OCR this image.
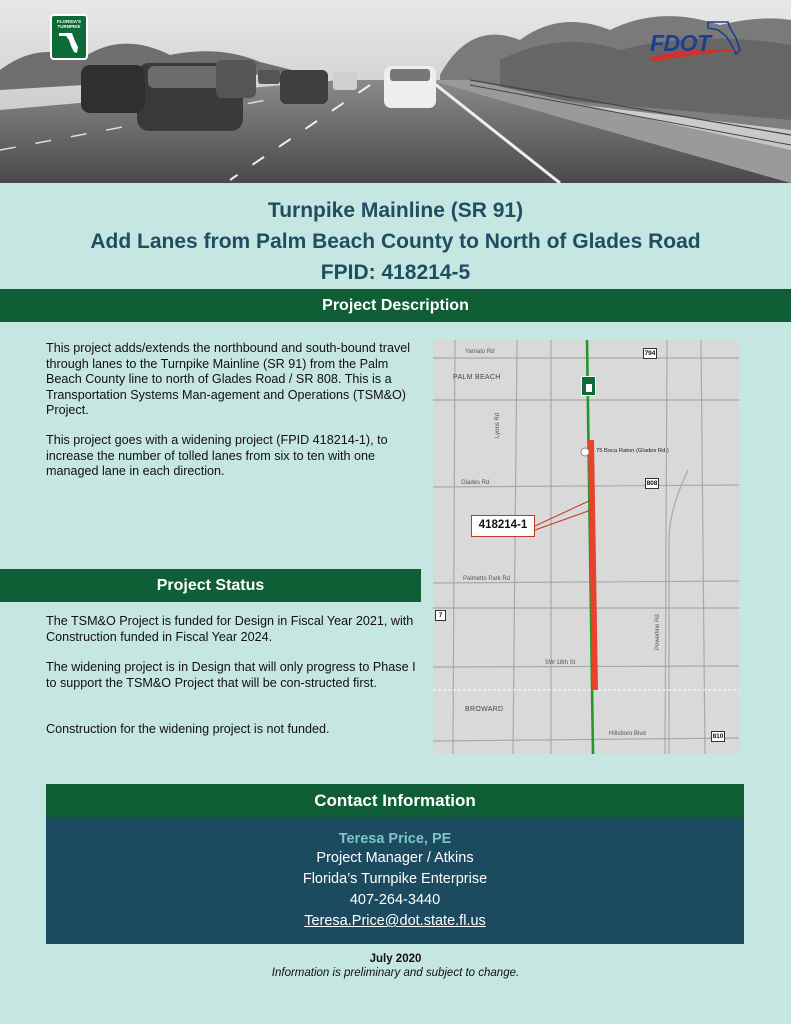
FLORIDA'S TURNPIKE
FDOT
Turnpike Mainline (SR 91)
Add Lanes from Palm Beach County to North of Glades Road
FPID: 418214-5
Project Description

This project adds/extends the northbound and south-bound travel through lanes to the Turnpike Mainline (SR 91) from the Palm Beach County line to north of Glades Road / SR 808. This is a Transportation Systems Man-agement and Operations (TSM&O) Project.

This project goes with a widening project (FPID 418214-1), to increase the number of tolled lanes from six to ten with one managed lane in each direction.

Project Status

The TSM&O Project is funded for Design in Fiscal Year 2021, with Construction funded in Fiscal Year 2024.

The widening project is in Design that will only progress to Phase I to support the TSM&O Project that will be con-structed first.

Construction for the widening project is not funded.

Yamato Rd
Glades Rd
Palmetto Park Rd
SW 18th St
Hillsboro Blvd
Lyons Rd
Powerline Rd
PALM BEACH
BROWARD
794
808
7
810
75 Boca Raton (Glades Rd.)
418214-1
Contact Information
Teresa Price, PE
Project Manager / Atkins
Florida’s Turnpike Enterprise
407-264-3440
Teresa.Price@dot.state.fl.us
July 2020
Information is preliminary and subject to change.
